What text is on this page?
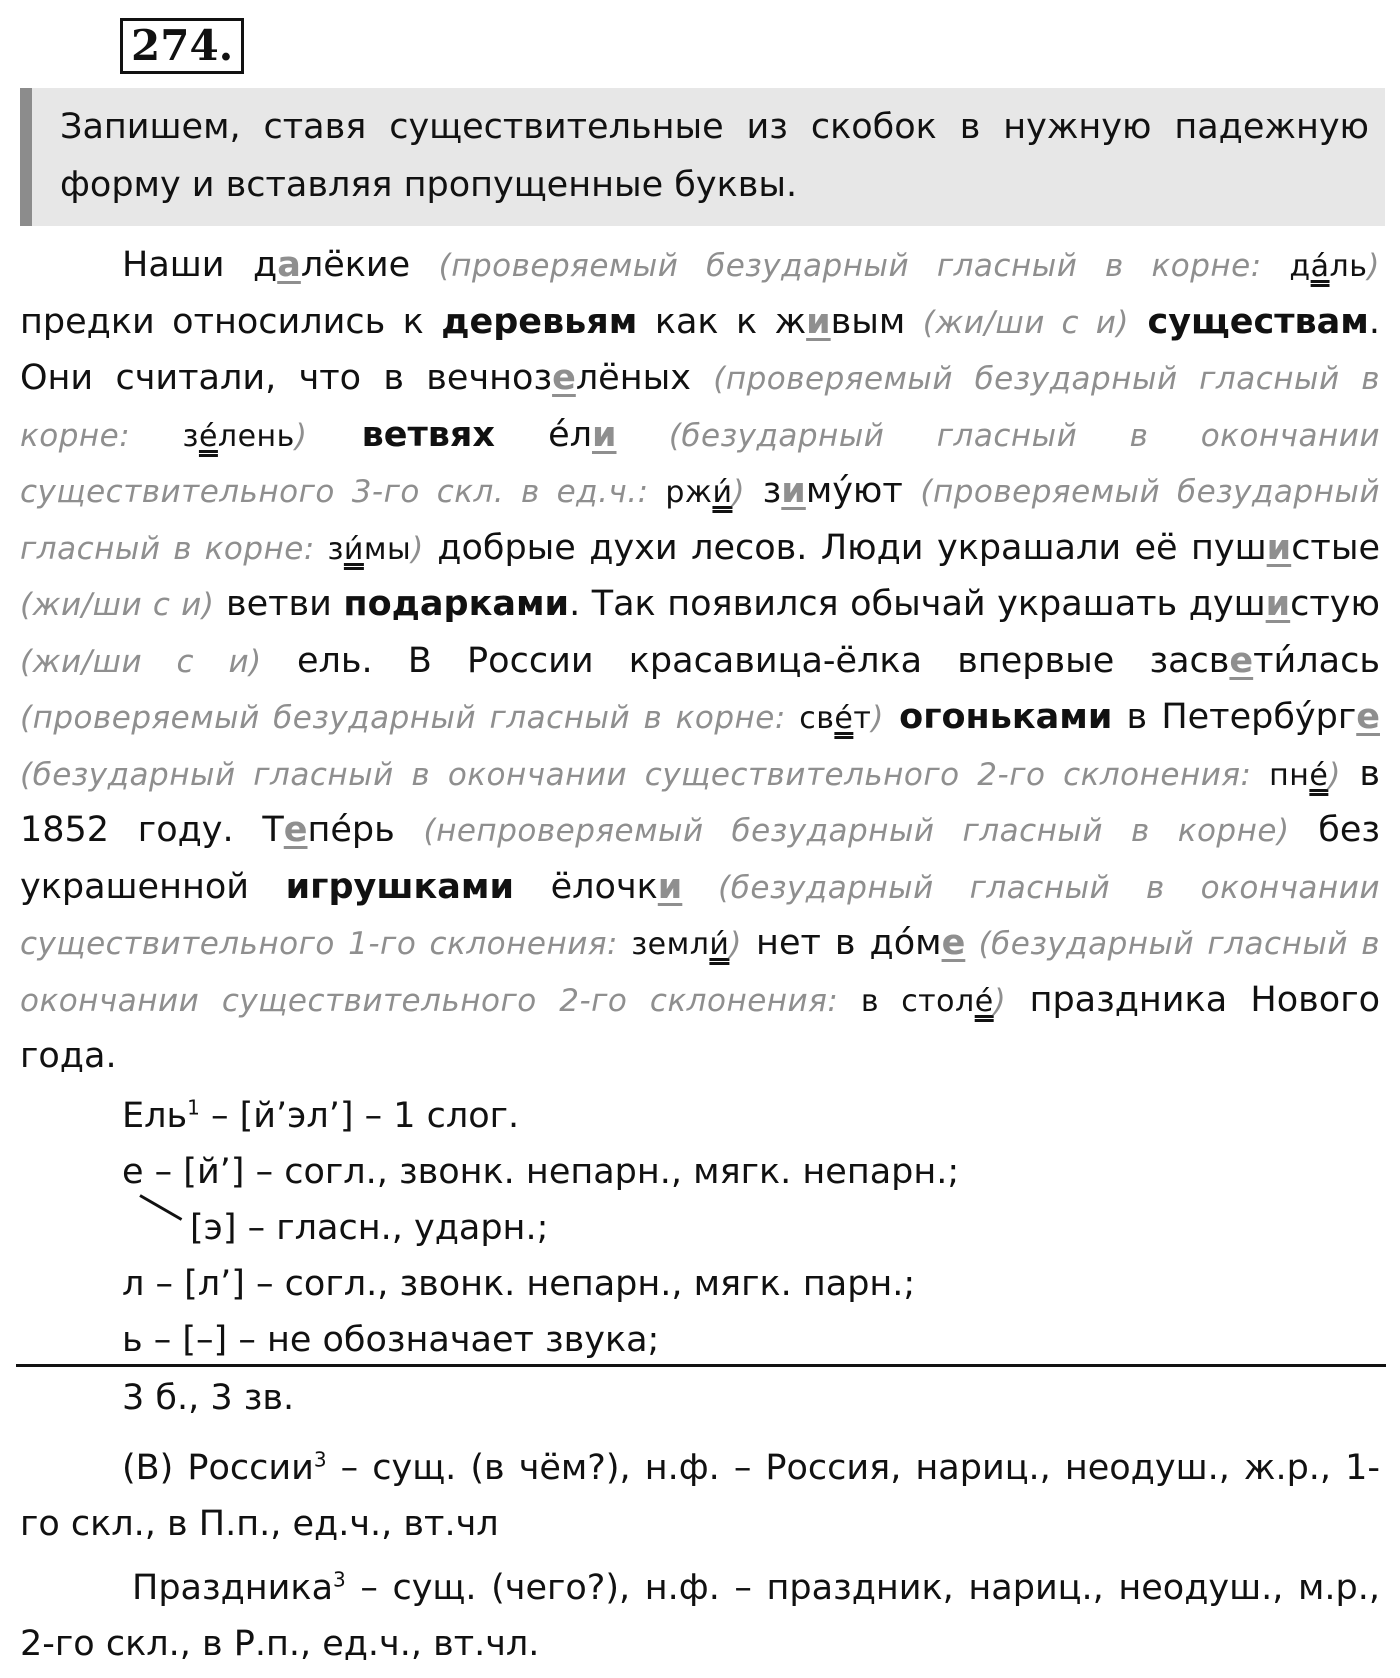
274.
Запишем, ставя существительные из скобок в нужную падежную форму и вставляя пропущенные буквы.

Наши далёкие (проверяемый безударный гласный в корне: да́ль) предки относились к деревьям как к живым (жи/ши с и) существам. Они считали, что в вечнозелёных (проверяемый безударный гласный в корне: зе́лень) ветвях е́ли (безударный гласный в окончании существительного 3-го скл. в ед.ч.: ржи́) зиму́ют (проверяемый безударный гласный в корне: зи́мы) добрые духи лесов. Люди украшали её пушистые (жи/ши с и) ветви подарками. Так появился обычай украшать душистую (жи/ши с и) ель. В России красавица-ёлка впервые засвети́лась (проверяемый безударный гласный в корне: све́т) огоньками в Петербу́рге (безударный гласный в окончании существительного 2-го склонения: пне́) в 1852 году. Тепе́рь (непроверяемый безударный гласный в корне) без украшенной игрушками ёлочки (безударный гласный в окончании существительного 1-го склонения: земли́) нет в до́ме (безударный гласный в окончании существительного 2-го склонения: в столе́) праздника Нового года.

Ель$^1$ – [й’эл’] – 1 слог.
е – [й’] – согл., звонк. непарн., мягк. непарн.;
[э] – гласн., ударн.;
л – [л’] – согл., звонк. непарн., мягк. парн.;
ь – [–] – не обозначает звука;
3 б., 3 зв.

(В) России$^3$ – сущ. (в чём?), н.ф. – Россия, нариц., неодуш., ж.р., 1-го скл., в П.п., ед.ч., вт.чл

Праздника$^3$ – сущ. (чего?), н.ф. – праздник, нариц., неодуш., м.р., 2-го скл., в Р.п., ед.ч., вт.чл.
